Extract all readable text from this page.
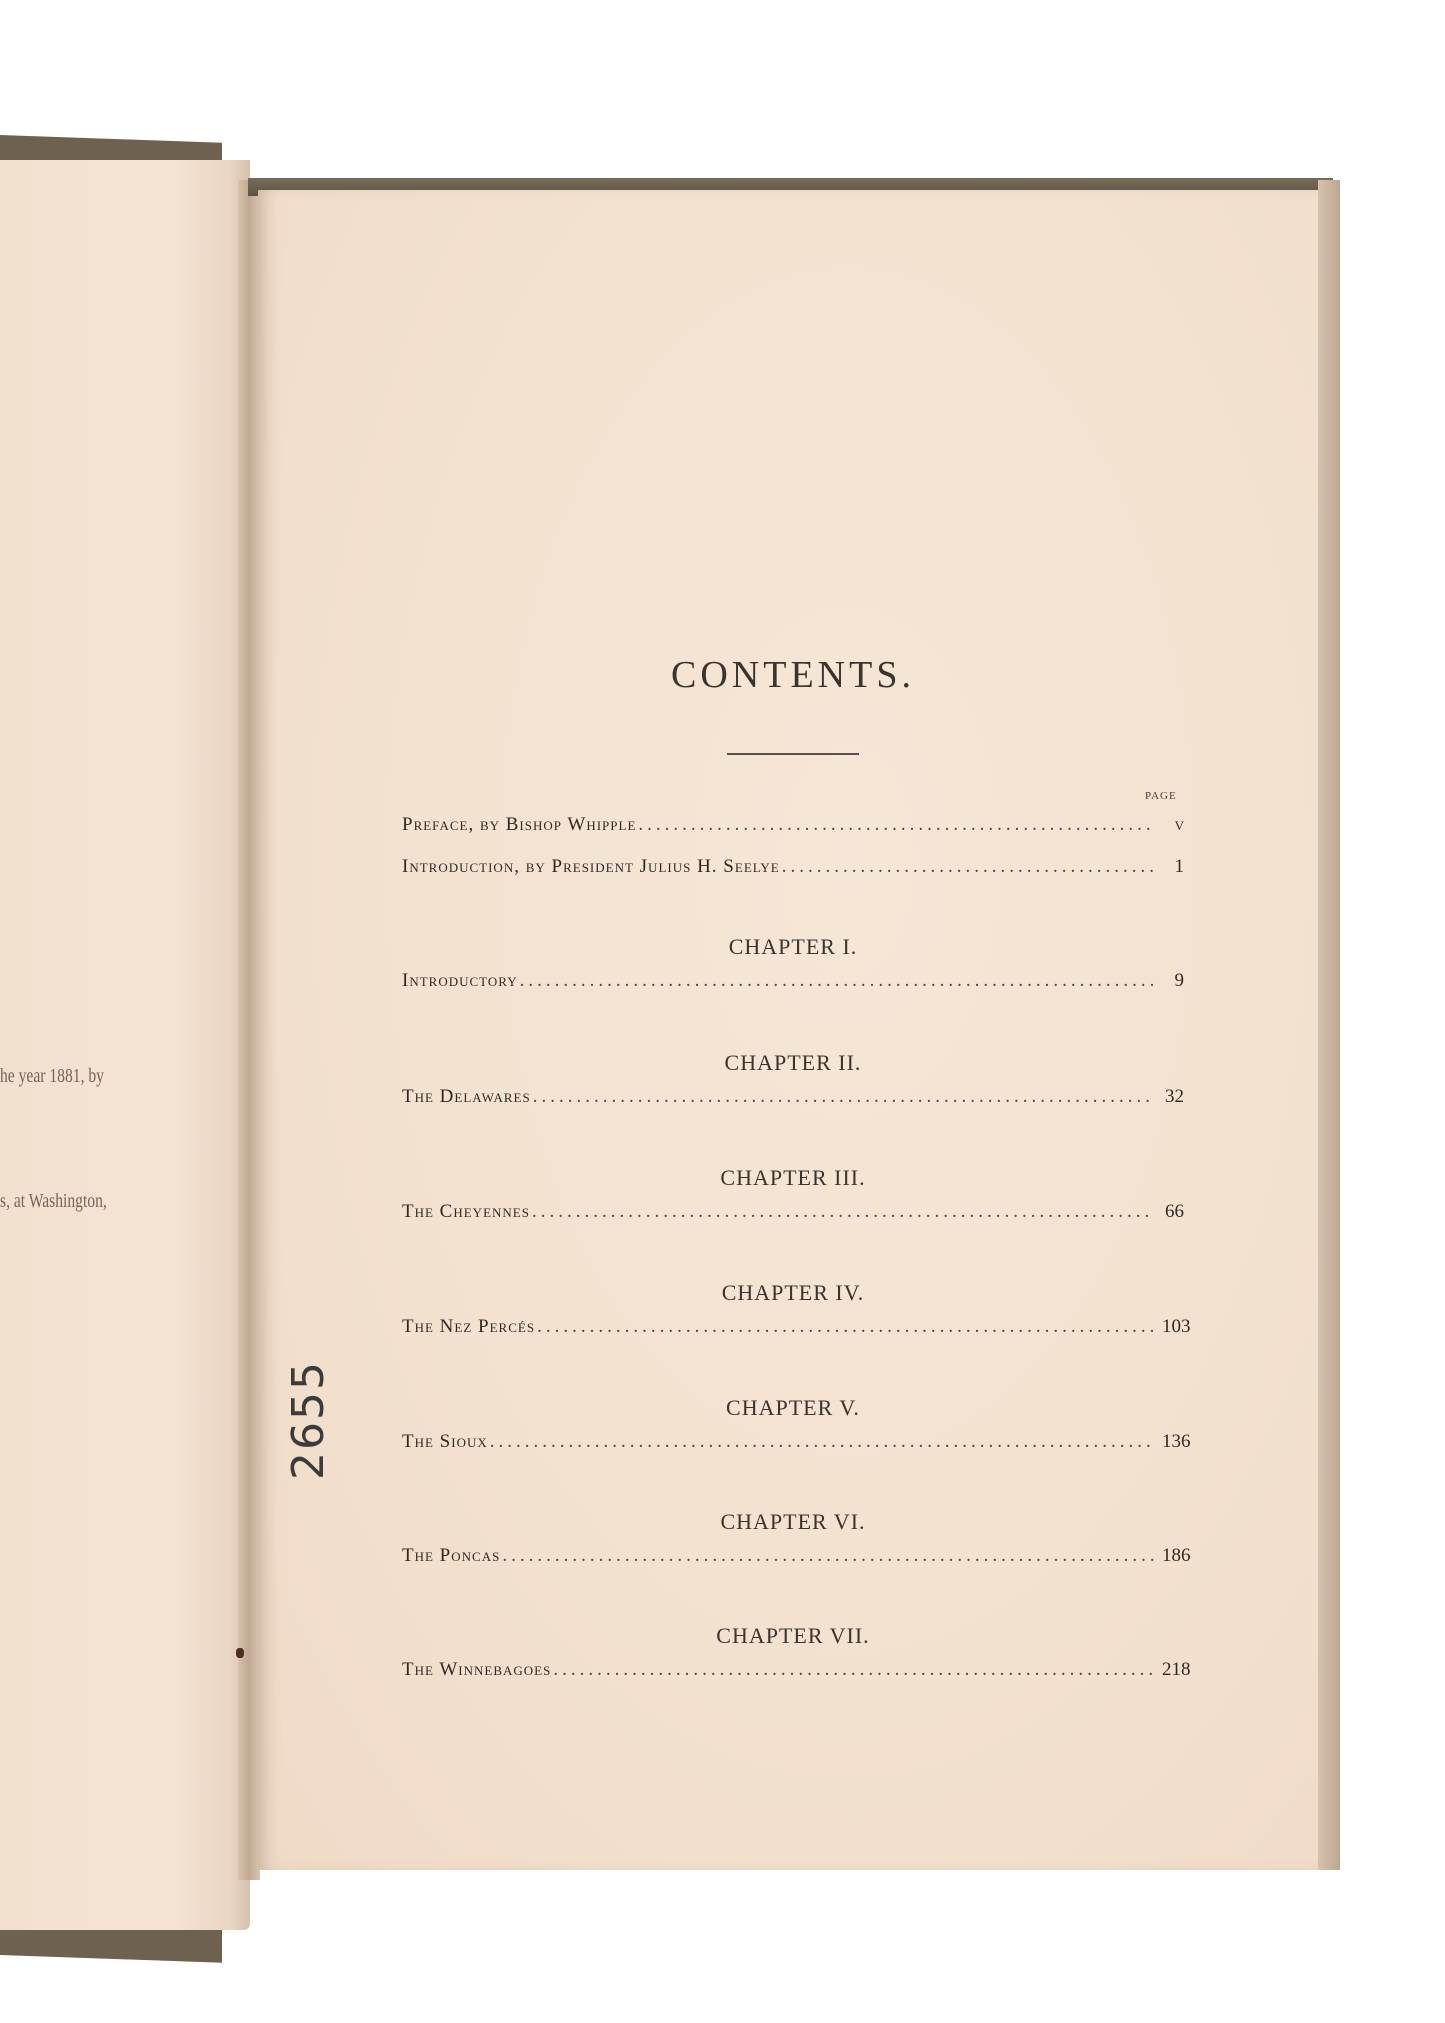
he year 1881, by
s, at Washington,
2655
CONTENTS.
PAGE
Preface, by Bishop Whipple .....	v
Introduction, by President Julius H. Seelye .....	1
CHAPTER I.
Introductory .....	9
CHAPTER II.
The Delawares .....	32
CHAPTER III.
The Cheyennes .....	66
CHAPTER IV.
The Nez Percés .....	103
CHAPTER V.
The Sioux .....	136
CHAPTER VI.
The Poncas .....	186
CHAPTER VII.
The Winnebagoes .....	218
